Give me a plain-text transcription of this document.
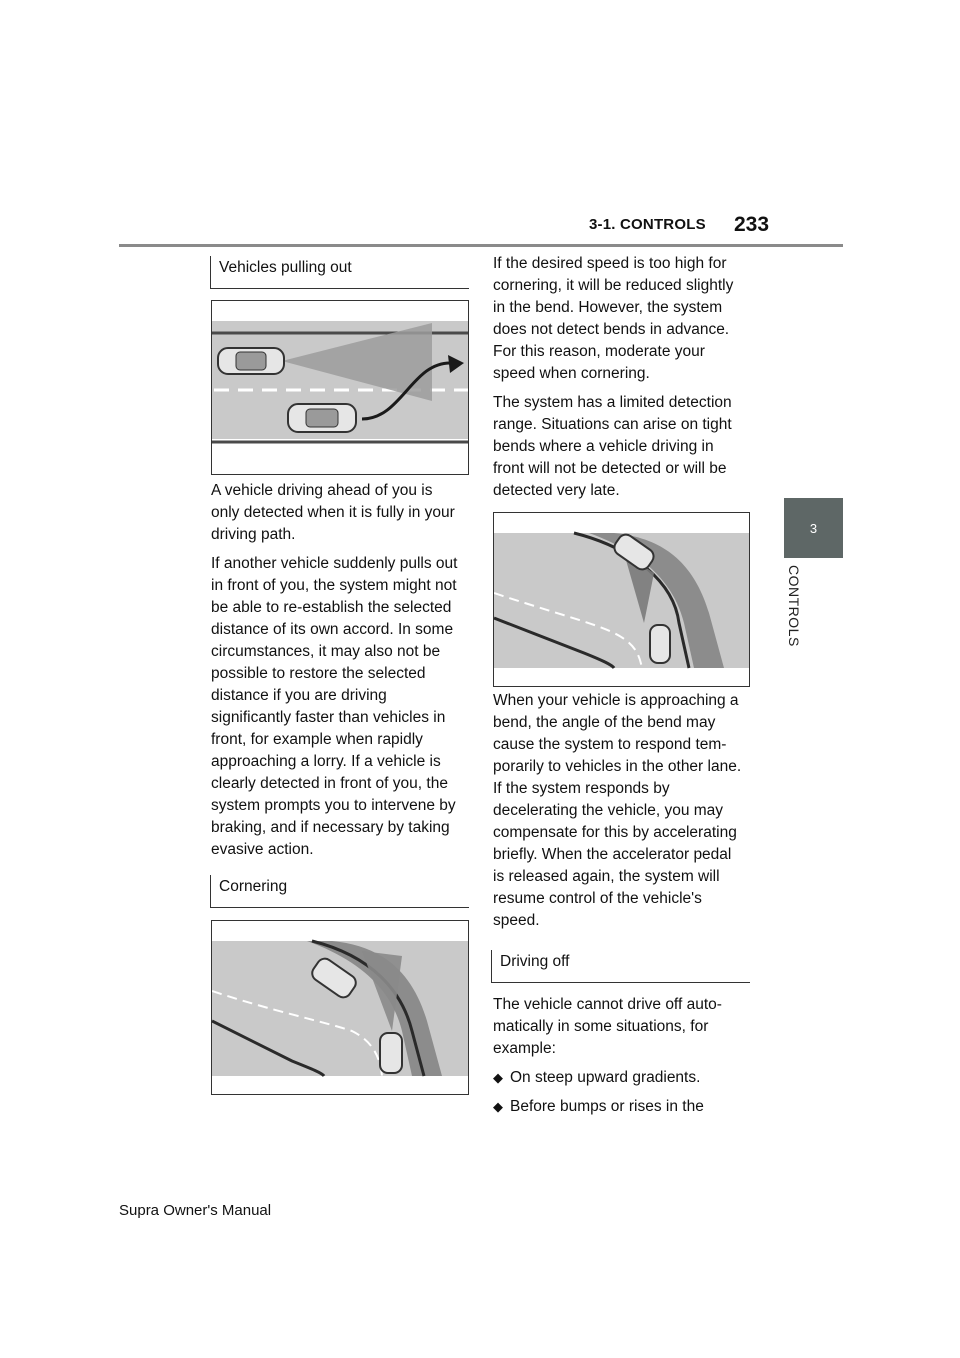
3-1. CONTROLS 233
3
CONTROLS
Vehicles pulling out

A vehicle driving ahead of you is only detected when it is fully in your driving path.

If another vehicle suddenly pulls out in front of you, the system might not be able to re-establish the selected distance of its own accord. In some circumstances, it may also not be possible to restore the selected distance if you are driving significantly faster than vehicles in front, for example when rapidly approaching a lorry. If a vehicle is clearly detected in front of you, the system prompts you to intervene by braking, and if necessary by taking evasive action.

Cornering

If the desired speed is too high for cornering, it will be reduced slightly in the bend. However, the system does not detect bends in advance. For this reason, moderate your speed when cornering.

The system has a limited detection range. Situations can arise on tight bends where a vehicle driving in front will not be detected or will be detected very late.

When your vehicle is approaching a bend, the angle of the bend may cause the system to respond tem-porarily to vehicles in the other lane. If the system responds by decelerating the vehicle, you may compensate for this by accelerating briefly. When the accelerator pedal is released again, the system will resume control of the vehicle's speed.

Driving off

The vehicle cannot drive off auto-matically in some situations, for example:

◆ On steep upward gradients.
◆ Before bumps or rises in the
Supra Owner's Manual
